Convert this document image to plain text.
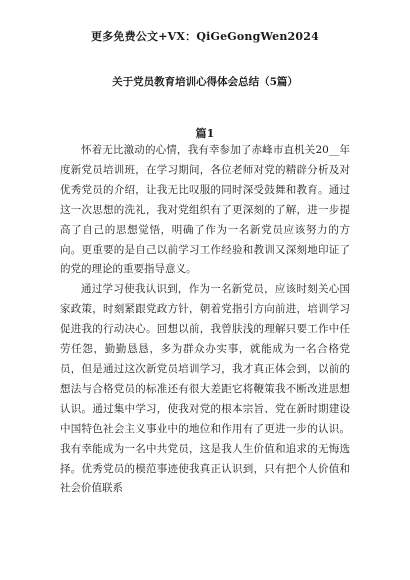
更多免费公文+VX：QiGeGongWen2024
关于党员教育培训心得体会总结（5篇）
篇1

怀着无比激动的心情，我有幸参加了赤峰市直机关20__年度新党员培训班，在学习期间，各位老师对党的精辟分析及对优秀党员的介绍，让我无比叹服的同时深受鼓舞和教育。通过这一次思想的洗礼，我对党组织有了更深刻的了解，进一步提高了自己的思想觉悟，明确了作为一名新党员应该努力的方向。更重要的是自己以前学习工作经验和教训又深刻地印证了的党的理论的重要指导意义。

通过学习使我认识到，作为一名新党员，应该时刻关心国家政策，时刻紧跟党政方针，朝着党指引方向前进，培训学习促进我的行动决心。回想以前，我曾肤浅的理解只要工作中任劳任怨，勤勤恳恳，多为群众办实事，就能成为一名合格党员，但是通过这次新党员培训学习，我才真正体会到，以前的想法与合格党员的标准还有很大差距它将鞭策我不断改进思想认识。通过集中学习，使我对党的根本宗旨、党在新时期建设中国特色社会主义事业中的地位和作用有了更进一步的认识。我有幸能成为一名中共党员，这是我人生价值和追求的无悔选择。优秀党员的模范事迹使我真正认识到，只有把个人价值和社会价值联系
